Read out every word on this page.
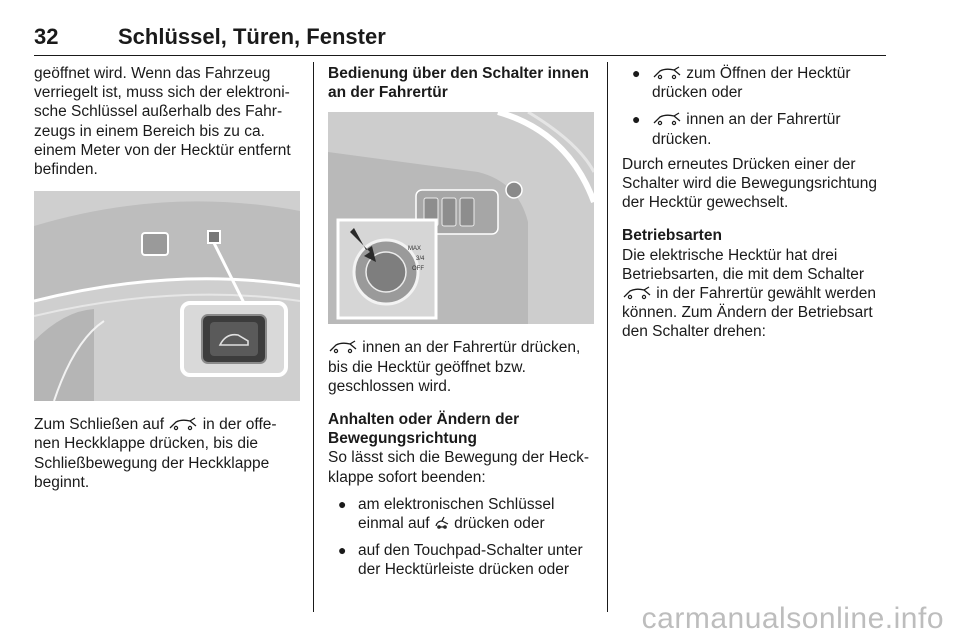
32	Schlüssel, Türen, Fenster

geöffnet wird. Wenn das Fahrzeug verriegelt ist, muss sich der elektroni-sche Schlüssel außerhalb des Fahr-zeugs in einem Bereich bis zu ca. einem Meter von der Hecktür entfernt befinden.

Zum Schließen auf  in der offe-nen Heckklappe drücken, bis die Schließbewegung der Heckklappe beginnt.

Bedienung über den Schalter innen an der Fahrertür
MAX
3/4
OFF

innen an der Fahrertür drücken, bis die Hecktür geöffnet bzw. geschlossen wird.

Anhalten oder Ändern der Bewegungsrichtung

So lässt sich die Bewegung der Heck-klappe sofort beenden:

● am elektronischen Schlüssel einmal auf  drücken oder
● auf den Touchpad-Schalter unter der Hecktürleiste drücken oder
●	zum Öffnen der Hecktür drücken oder
●	innen an der Fahrertür drücken.

Durch erneutes Drücken einer der Schalter wird die Bewegungsrichtung der Hecktür gewechselt.

Betriebsarten

Die elektrische Hecktür hat drei Betriebsarten, die mit dem Schalter  in der Fahrertür gewählt werden können. Zum Ändern der Betriebsart den Schalter drehen:

carmanualsonline.info
